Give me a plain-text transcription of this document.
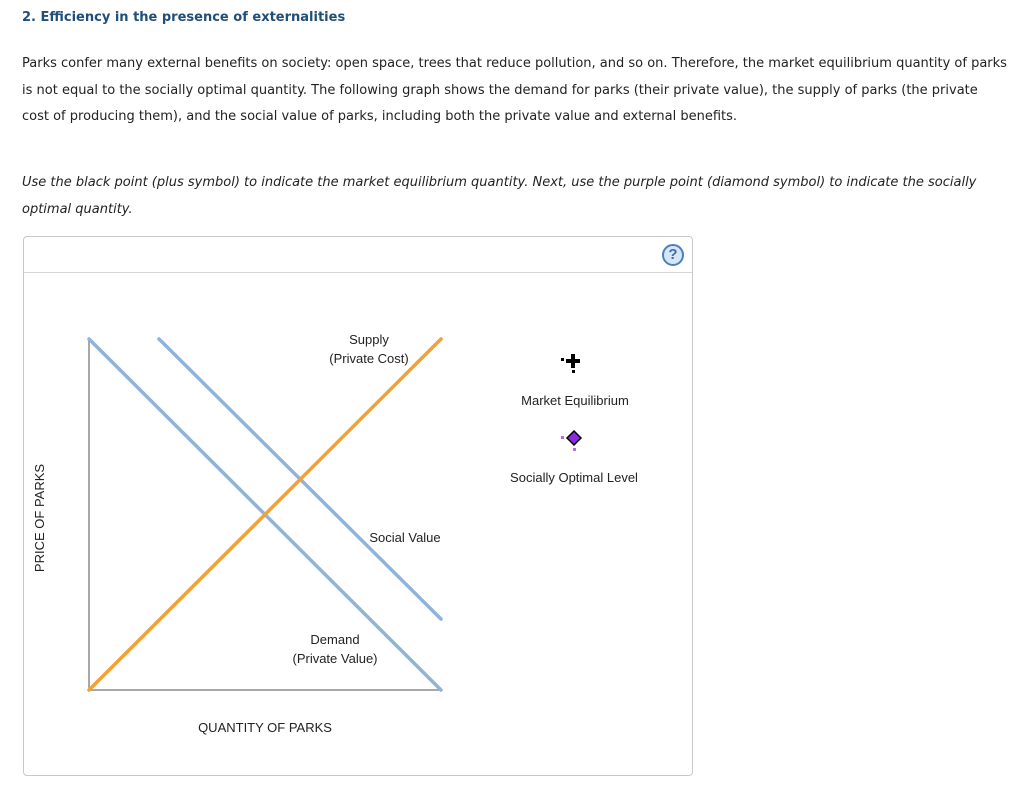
2. Efficiency in the presence of externalities

Parks confer many external benefits on society: open space, trees that reduce pollution, and so on. Therefore, the market equilibrium quantity of parks is not equal to the socially optimal quantity. The following graph shows the demand for parks (their private value), the supply of parks (the private cost of producing them), and the social value of parks, including both the private value and external benefits.

Use the black point (plus symbol) to indicate the market equilibrium quantity. Next, use the purple point (diamond symbol) to indicate the socially optimal quantity.

?
Supply
(Private Cost)
Social Value
Demand
(Private Value)
QUANTITY OF PARKS
PRICE OF PARKS
Market Equilibrium
Socially Optimal Level
